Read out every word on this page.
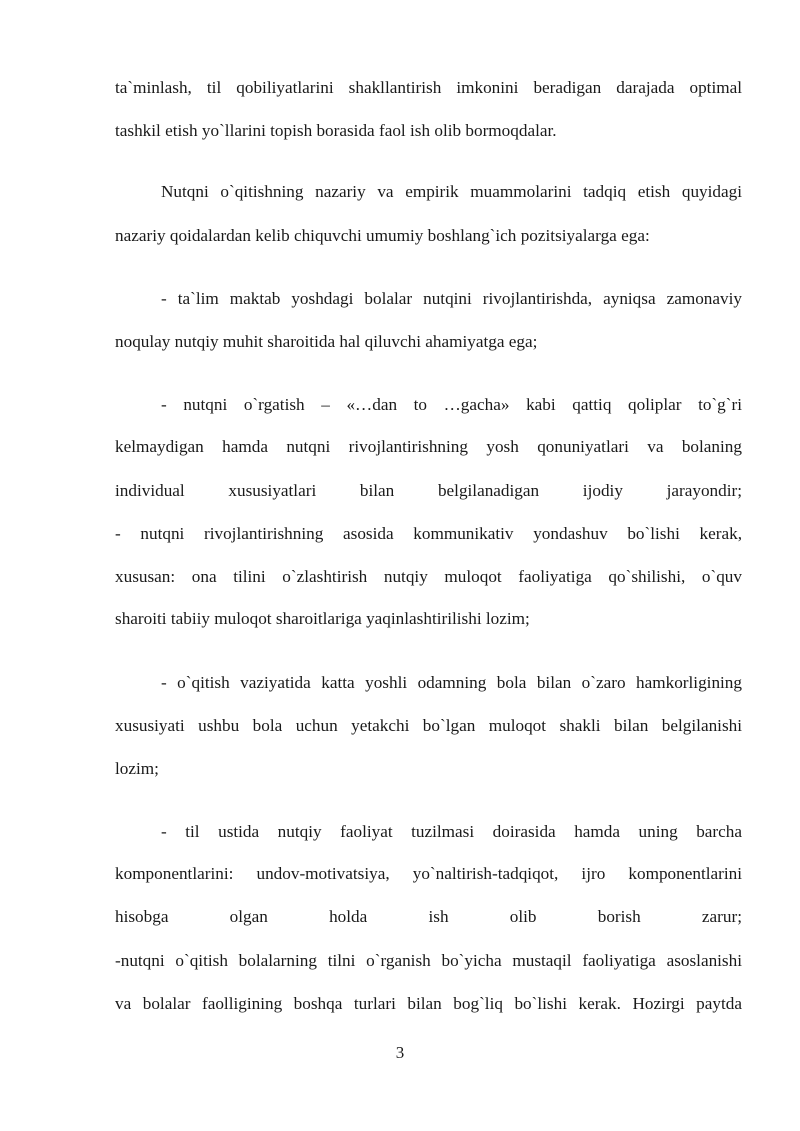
ta`minlash, til qobiliyatlarini shakllantirish imkonini beradigan darajada optimal
tashkil etish yo`llarini topish borasida faol ish olib bormoqdalar.
Nutqni o`qitishning nazariy va empirik muammolarini tadqiq etish quyidagi
nazariy qoidalardan kelib chiquvchi umumiy boshlang`ich pozitsiyalarga ega:
- ta`lim maktab yoshdagi bolalar nutqini rivojlantirishda, ayniqsa zamonaviy
noqulay nutqiy muhit sharoitida hal qiluvchi ahamiyatga ega;
- nutqni o`rgatish – «…dan to …gacha» kabi qattiq qoliplar to`g`ri
kelmaydigan hamda nutqni rivojlantirishning yosh qonuniyatlari va bolaning
individual xususiyatlari bilan belgilanadigan ijodiy jarayondir;
- nutqni rivojlantirishning asosida kommunikativ yondashuv bo`lishi kerak,
xususan: ona tilini o`zlashtirish nutqiy muloqot faoliyatiga qo`shilishi, o`quv
sharoiti tabiiy muloqot sharoitlariga yaqinlashtirilishi lozim;
- o`qitish vaziyatida katta yoshli odamning bola bilan o`zaro hamkorligining
xususiyati ushbu bola uchun yetakchi bo`lgan muloqot shakli bilan belgilanishi
lozim;
- til ustida nutqiy faoliyat tuzilmasi doirasida hamda uning barcha
komponentlarini: undov-motivatsiya, yo`naltirish-tadqiqot, ijro komponentlarini
hisobga olgan holda ish olib borish zarur;
-nutqni o`qitish bolalarning tilni o`rganish bo`yicha mustaqil faoliyatiga asoslanishi
va bolalar faolligining boshqa turlari bilan bog`liq bo`lishi kerak. Hozirgi paytda
3
